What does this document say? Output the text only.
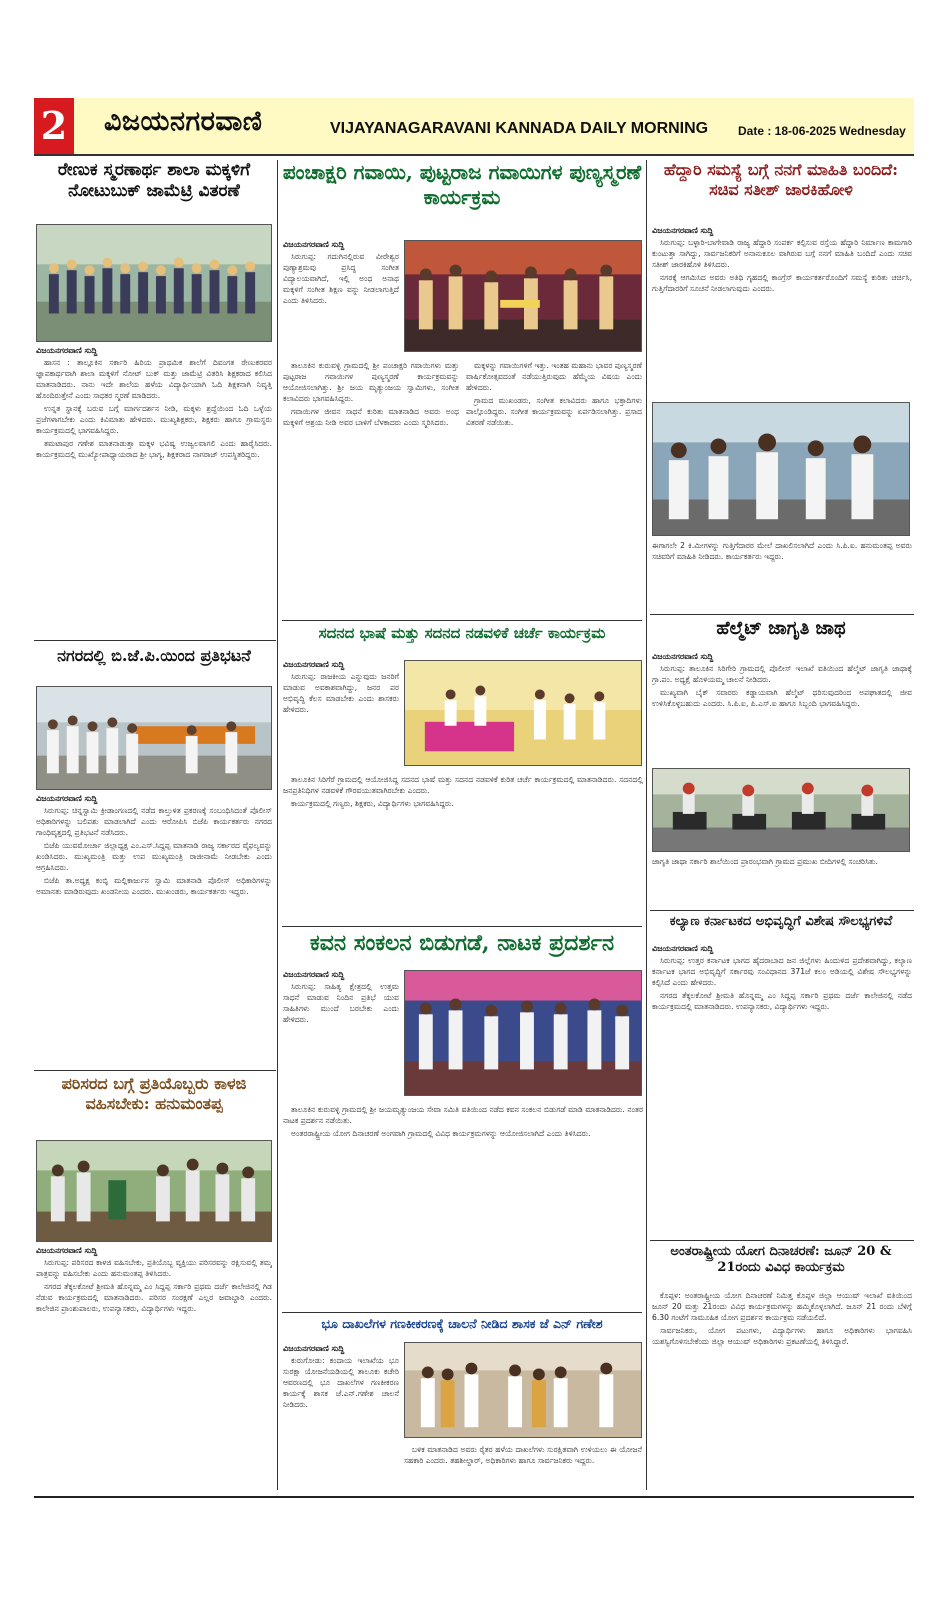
2 ವಿಜಯನಗರವಾಣಿ	VIJAYANAGARAVANI KANNADA DAILY MORNING Date : 18-06-2025 Wednesday
ರೇಣುಕ ಸ್ಮರಣಾರ್ಥ ಶಾಲಾ ಮಕ್ಕಳಿಗೆ ನೋಟುಬುಕ್ ಜಾಮೆಟ್ರಿ ವಿತರಣೆ
ವಿಜಯನಗರವಾಣಿ ಸುದ್ದಿ

ಹಾಸನ : ತಾಲ್ಲೂಕಿನ ಸರ್ಕಾರಿ ಹಿರಿಯ ಪ್ರಾಥಮಿಕ ಶಾಲೆಗೆ ದಿವಂಗತ ರೇಣುಕರವರ ಜ್ಞಾಪಕಾರ್ಥವಾಗಿ ಶಾಲಾ ಮಕ್ಕಳಿಗೆ ನೋಟ್ ಬುಕ್ ಮತ್ತು ಜಾಮೆಟ್ರಿ ವಿತರಿಸಿ ಶಿಕ್ಷಕರಾದ ಕಲಿಸಿದ ಮಾತನಾಡಿದರು. ನಾನು ಇದೇ ಶಾಲೆಯ ಹಳೆಯ ವಿದ್ಯಾರ್ಥಿಯಾಗಿ ಓದಿ ಶಿಕ್ಷಕನಾಗಿ ನಿವೃತ್ತಿ ಹೊಂದಿರುತ್ತೇನೆ ಎಂದು ಸಾಧಕರ ಸ್ಮರಣೆ ಮಾಡಿದರು.

ಉನ್ನತ ಸ್ಥಾನಕ್ಕೆ ಬರುವ ಬಗ್ಗೆ ಮಾರ್ಗದರ್ಶನ ನೀಡಿ, ಮಕ್ಕಳು ಶ್ರದ್ಧೆಯಿಂದ ಓದಿ ಒಳ್ಳೆಯ ಪ್ರಜೆಗಳಾಗಬೇಕು ಎಂದು ಕಿವಿಮಾತು ಹೇಳಿದರು. ಮುಖ್ಯಶಿಕ್ಷಕರು, ಶಿಕ್ಷಕರು ಹಾಗೂ ಗ್ರಾಮಸ್ಥರು ಕಾರ್ಯಕ್ರಮದಲ್ಲಿ ಭಾಗವಹಿಸಿದ್ದರು.

ತಮಟಾಪುರ ಗಣೇಶ ಮಾತನಾಡುತ್ತಾ ಮಕ್ಕಳ ಭವಿಷ್ಯ ಉಜ್ವಲವಾಗಲಿ ಎಂದು ಹಾರೈಸಿದರು. ಕಾರ್ಯಕ್ರಮದಲ್ಲಿ ಮುಖ್ಯೋಪಾಧ್ಯಾಯರಾದ ಶ್ರೀ ಭಾಗ್ಯ, ಶಿಕ್ಷಕರಾದ ನಾಗರಾಜ್ ಉಪಸ್ಥಿತರಿದ್ದರು.

ನಗರದಲ್ಲಿ ಬಿ.ಜೆ.ಪಿ.ಯಿಂದ ಪ್ರತಿಭಟನೆ
ವಿಜಯನಗರವಾಣಿ ಸುದ್ದಿ

ಸಿರುಗುಪ್ಪ: ಚಿನ್ನಸ್ವಾಮಿ ಕ್ರೀಡಾಂಗಣದಲ್ಲಿ ನಡೆದ ಕಾಲ್ತುಳಿತ ಪ್ರಕರಣಕ್ಕೆ ಸಂಬಂಧಿಸಿದಂತೆ ಪೊಲೀಸ್ ಅಧಿಕಾರಿಗಳನ್ನು ಬಲಿಪಶು ಮಾಡಲಾಗಿದೆ ಎಂದು ಆರೋಪಿಸಿ ಬಿಜೆಪಿ ಕಾರ್ಯಕರ್ತರು ನಗರದ ಗಾಂಧಿವೃತ್ತದಲ್ಲಿ ಪ್ರತಿಭಟನೆ ನಡೆಸಿದರು.

ಬಿಜೆಪಿ ಯುವಮೋರ್ಚಾ ಜಿಲ್ಲಾಧ್ಯಕ್ಷ ಎಂ.ಎಸ್.ಸಿದ್ದಪ್ಪ ಮಾತನಾಡಿ ರಾಜ್ಯ ಸರ್ಕಾರದ ವೈಫಲ್ಯವನ್ನು ಖಂಡಿಸಿದರು. ಮುಖ್ಯಮಂತ್ರಿ ಮತ್ತು ಉಪ ಮುಖ್ಯಮಂತ್ರಿ ರಾಜೀನಾಮೆ ನೀಡಬೇಕು ಎಂದು ಆಗ್ರಹಿಸಿದರು.

ಬಿಜೆಪಿ ತಾ.ಅಧ್ಯಕ್ಷ ಕಂಬ್ಳಿ ಮಲ್ಲಿಕಾರ್ಜುನ ಸ್ವಾಮಿ ಮಾತನಾಡಿ ಪೊಲೀಸ್ ಅಧಿಕಾರಿಗಳನ್ನು ಅಮಾನತು ಮಾಡಿರುವುದು ಖಂಡನೀಯ ಎಂದರು. ಮುಖಂಡರು, ಕಾರ್ಯಕರ್ತರು ಇದ್ದರು.

ಪರಿಸರದ ಬಗ್ಗೆ ಪ್ರತಿಯೊಬ್ಬರು ಕಾಳಜಿ ವಹಿಸಬೇಕು: ಹನುಮಂತಪ್ಪ
ವಿಜಯನಗರವಾಣಿ ಸುದ್ದಿ

ಸಿರುಗುಪ್ಪ: ಪರಿಸರದ ಕಾಳಜಿ ವಹಿಸಬೇಕು, ಪ್ರತಿಯೊಬ್ಬ ವ್ಯಕ್ತಿಯು ಪರಿಸರವನ್ನು ರಕ್ಷಿಸುವಲ್ಲಿ ತಮ್ಮ ಪಾತ್ರವನ್ನು ವಹಿಸಬೇಕು ಎಂದು ಹನುಮಂತಪ್ಪ ತಿಳಿಸಿದರು.

ನಗರದ ತೆಕ್ಕಲಕೋಟೆ ಶ್ರೀಮತಿ ಹೊನ್ನಮ್ಮ ಎಂ ಸಿದ್ದಪ್ಪ ಸರ್ಕಾರಿ ಪ್ರಥಮ ದರ್ಜೆ ಕಾಲೇಜಿನಲ್ಲಿ ಗಿಡ ನೆಡುವ ಕಾರ್ಯಕ್ರಮದಲ್ಲಿ ಮಾತನಾಡಿದರು. ಪರಿಸರ ಸಂರಕ್ಷಣೆ ಎಲ್ಲರ ಜವಾಬ್ದಾರಿ ಎಂದರು. ಕಾಲೇಜಿನ ಪ್ರಾಂಶುಪಾಲರು, ಉಪನ್ಯಾಸಕರು, ವಿದ್ಯಾರ್ಥಿಗಳು ಇದ್ದರು.

ಪಂಚಾಕ್ಷರಿ ಗವಾಯಿ, ಪುಟ್ಟರಾಜ ಗವಾಯಿಗಳ ಪುಣ್ಯಸ್ಮರಣೆ ಕಾರ್ಯಕ್ರಮ
ವಿಜಯನಗರವಾಣಿ ಸುದ್ದಿ

ಸಿರುಗುಪ್ಪ: ಗದುಗಿನಲ್ಲಿರುವ ವೀರೇಶ್ವರ ಪುಣ್ಯಾಶ್ರಮವು ಪ್ರಸಿದ್ಧ ಸಂಗೀತ ವಿದ್ಯಾಲಯವಾಗಿದೆ, ಇಲ್ಲಿ ಅಂಧ ಅನಾಥ ಮಕ್ಕಳಿಗೆ ಸಂಗೀತ ಶಿಕ್ಷಣ ವನ್ನು ನೀಡಲಾಗುತ್ತಿದೆ ಎಂದು ತಿಳಿಸಿದರು.

ತಾಲೂಕಿನ ಕುರುವಳ್ಳಿ ಗ್ರಾಮದಲ್ಲಿ ಶ್ರೀ ಪಂಚಾಕ್ಷರಿ ಗವಾಯಿಗಳು ಮತ್ತು ಪುಟ್ಟರಾಜ ಗವಾಯಿಗಳ ಪುಣ್ಯಸ್ಮರಣೆ ಕಾರ್ಯಕ್ರಮವನ್ನು ಆಯೋಜಿಸಲಾಗಿತ್ತು. ಶ್ರೀ ಜಯ ಮೃತ್ಯುಂಜಯ ಸ್ವಾಮಿಗಳು, ಸಂಗೀತ ಕಲಾವಿದರು ಭಾಗವಹಿಸಿದ್ದರು.

ಗವಾಯಿಗಳ ಜೀವನ ಸಾಧನೆ ಕುರಿತು ಮಾತನಾಡಿದ ಅವರು ಅಂಧ ಮಕ್ಕಳಿಗೆ ಆಶ್ರಯ ನೀಡಿ ಅವರ ಬಾಳಿಗೆ ಬೆಳಕಾದರು ಎಂದು ಸ್ಮರಿಸಿದರು.

ಮಕ್ಕಳನ್ನು ಗವಾಯಿಗಳಿಗೆ ಇತ್ತು. ಇಂತಹ ಮಹಾನು ಭಾವರ ಪುಣ್ಯಸ್ಮರಣೆ ವಾರ್ಷಿಕೋತ್ಸವದಂತೆ ನಡೆಯುತ್ತಿರುವುದು ಹೆಮ್ಮೆಯ ವಿಷಯ ಎಂದು ಹೇಳಿದರು.

ಗ್ರಾಮದ ಮುಖಂಡರು, ಸಂಗೀತ ಕಲಾವಿದರು ಹಾಗೂ ಭಕ್ತಾದಿಗಳು ಪಾಲ್ಗೊಂಡಿದ್ದರು. ಸಂಗೀತ ಕಾರ್ಯಕ್ರಮವನ್ನು ಏರ್ಪಡಿಸಲಾಗಿತ್ತು. ಪ್ರಸಾದ ವಿತರಣೆ ನಡೆಯಿತು.

ಸದನದ ಭಾಷೆ ಮತ್ತು ಸದನದ ನಡವಳಿಕೆ ಚರ್ಚೆ ಕಾರ್ಯಕ್ರಮ
ವಿಜಯನಗರವಾಣಿ ಸುದ್ದಿ

ಸಿರುಗುಪ್ಪ: ರಾಜಕೀಯ ಎನ್ನುವುದು ಜನರಿಗೆ ಮಾಡುವ ಅವಕಾಶವಾಗಿದ್ದು, ಜನರ ಪರ ಅಭಿವೃದ್ಧಿ ಕೆಲಸ ಮಾಡಬೇಕು ಎಂದು ಶಾಸಕರು ಹೇಳಿದರು.

ತಾಲೂಕಿನ ಸಿರಿಗೆರೆ ಗ್ರಾಮದಲ್ಲಿ ಆಯೋಜಿಸಿದ್ದ ಸದನದ ಭಾಷೆ ಮತ್ತು ಸದನದ ನಡವಳಿಕೆ ಕುರಿತ ಚರ್ಚೆ ಕಾರ್ಯಕ್ರಮದಲ್ಲಿ ಮಾತನಾಡಿದರು. ಸದನದಲ್ಲಿ ಜನಪ್ರತಿನಿಧಿಗಳ ನಡವಳಿಕೆ ಗೌರವಯುತವಾಗಿರಬೇಕು ಎಂದರು.

ಕಾರ್ಯಕ್ರಮದಲ್ಲಿ ಗಣ್ಯರು, ಶಿಕ್ಷಕರು, ವಿದ್ಯಾರ್ಥಿಗಳು ಭಾಗವಹಿಸಿದ್ದರು.

ಕವನ ಸಂಕಲನ ಬಿಡುಗಡೆ, ನಾಟಕ ಪ್ರದರ್ಶನ
ವಿಜಯನಗರವಾಣಿ ಸುದ್ದಿ

ಸಿರುಗುಪ್ಪ: ಸಾಹಿತ್ಯ ಕ್ಷೇತ್ರದಲ್ಲಿ ಉತ್ತಮ ಸಾಧನೆ ಮಾಡುವ ನಿಂದಿನ ಪ್ರತಿಭೆ ಯುವ ಸಾಹಿತಿಗಳು ಮುಂದೆ ಬರಬೇಕು ಎಂದು ಹೇಳಿದರು.

ತಾಲೂಕಿನ ಕುರುವಳ್ಳಿ ಗ್ರಾಮದಲ್ಲಿ ಶ್ರೀ ಜಯಮೃತ್ಯುಂಜಯ ಸೇವಾ ಸಮಿತಿ ವತಿಯಿಂದ ನಡೆದ ಕವನ ಸಂಕಲನ ಬಿಡುಗಡೆ ಮಾಡಿ ಮಾತನಾಡಿದರು. ನಂತರ ನಾಟಕ ಪ್ರದರ್ಶನ ನಡೆಯಿತು.

ಅಂತರರಾಷ್ಟ್ರೀಯ ಯೋಗ ದಿನಾಚರಣೆ ಅಂಗವಾಗಿ ಗ್ರಾಮದಲ್ಲಿ ವಿವಿಧ ಕಾರ್ಯಕ್ರಮಗಳನ್ನು ಆಯೋಜಿಸಲಾಗಿದೆ ಎಂದು ತಿಳಿಸಿದರು.

ಭೂ ದಾಖಲೆಗಳ ಗಣಕೀಕರಣಕ್ಕೆ ಚಾಲನೆ ನೀಡಿದ ಶಾಸಕ ಜೆ ಎನ್ ಗಣೇಶ
ವಿಜಯನಗರವಾಣಿ ಸುದ್ದಿ

ಕುರುಗೋಡು: ಕಂದಾಯ ಇಲಾಖೆಯ ಭೂ ಸುರಕ್ಷಾ ಯೋಜನೆಯಡಿಯಲ್ಲಿ ತಾಲೂಕು ಕಚೇರಿ ಆವರಣದಲ್ಲಿ ಭೂ ದಾಖಲೆಗಳ ಗಣಕೀಕರಣ ಕಾರ್ಯಕ್ಕೆ ಶಾಸಕ ಜೆ.ಎನ್.ಗಣೇಶ ಚಾಲನೆ ನೀಡಿದರು.

ಬಳಿಕ ಮಾತನಾಡಿದ ಅವರು ರೈತರ ಹಳೆಯ ದಾಖಲೆಗಳು ಸುರಕ್ಷಿತವಾಗಿ ಉಳಿಯಲು ಈ ಯೋಜನೆ ಸಹಕಾರಿ ಎಂದರು. ತಹಶೀಲ್ದಾರ್, ಅಧಿಕಾರಿಗಳು ಹಾಗೂ ಸಾರ್ವಜನಿಕರು ಇದ್ದರು.

ಹೆದ್ದಾರಿ ಸಮಸ್ಯೆ ಬಗ್ಗೆ ನನಗೆ ಮಾಹಿತಿ ಬಂದಿದೆ: ಸಚಿವ ಸತೀಶ್ ಜಾರಕಿಹೋಳಿ
ವಿಜಯನಗರವಾಣಿ ಸುದ್ದಿ

ಸಿರುಗುಪ್ಪ: ಬಳ್ಳಾರಿ-ಬಾಗೇವಾಡಿ ರಾಜ್ಯ ಹೆದ್ದಾರಿ ಸಂಪರ್ಕ ಕಲ್ಪಿಸುವ ರಸ್ತೆಯ ಹೆದ್ದಾರಿ ನಿರ್ಮಾಣ ಕಾಮಗಾರಿ ಕುಂಟುತ್ತಾ ಸಾಗಿದ್ದು, ಸಾರ್ವಜನಿಕರಿಗೆ ಅನಾನುಕೂಲ ವಾಗಿರುವ ಬಗ್ಗೆ ನನಗೆ ಮಾಹಿತಿ ಬಂದಿದೆ ಎಂದು ಸಚಿವ ಸತೀಶ್ ಜಾರಕಿಹೊಳಿ ತಿಳಿಸಿದರು.

ನಗರಕ್ಕೆ ಆಗಮಿಸಿದ ಅವರು ಅತಿಥಿ ಗೃಹದಲ್ಲಿ ಕಾಂಗ್ರೆಸ್ ಕಾರ್ಯಕರ್ತರೊಂದಿಗೆ ಸಮಸ್ಯೆ ಕುರಿತು ಚರ್ಚಿಸಿ, ಗುತ್ತಿಗೆದಾರರಿಗೆ ಸೂಚನೆ ನೀಡಲಾಗುವುದು ಎಂದರು.

ಈಗಾಗಲೇ 2 ಕಿ.ಮೀಗಳನ್ನು ಗುತ್ತಿಗೆದಾರರ ಮೇಲೆ ದಾಖಲಿಸಲಾಗಿದೆ ಎಂದು ಸಿ.ಪಿ.ಐ. ಹನುಮಂತಪ್ಪ ಅವರು ಸಚಿವರಿಗೆ ಮಾಹಿತಿ ನೀಡಿದರು. ಕಾರ್ಯಕರ್ತರು ಇದ್ದರು.
ಹೆಲ್ಮೆಟ್ ಜಾಗೃತಿ ಜಾಥ
ವಿಜಯನಗರವಾಣಿ ಸುದ್ದಿ

ಸಿರುಗುಪ್ಪ: ತಾಲೂಕಿನ ಸಿರಿಗೇರಿ ಗ್ರಾಮದಲ್ಲಿ ಪೊಲೀಸ್ ಇಲಾಖೆ ವತಿಯಿಂದ ಹೆಲ್ಮೆಟ್ ಜಾಗೃತಿ ಜಾಥಾಕ್ಕೆ ಗ್ರಾ.ಪಂ. ಅಧ್ಯಕ್ಷೆ ಹೊಳಿಯಮ್ಮ ಚಾಲನೆ ನೀಡಿದರು.

ಮುಖ್ಯವಾಗಿ ಬೈಕ್ ಸವಾರರು ಕಡ್ಡಾಯವಾಗಿ ಹೆಲ್ಮೆಟ್ ಧರಿಸುವುದರಿಂದ ಅಪಘಾತದಲ್ಲಿ ಜೀವ ಉಳಿಸಿಕೊಳ್ಳಬಹುದು ಎಂದರು. ಸಿ.ಪಿ.ಐ, ಪಿ.ಎಸ್.ಐ ಹಾಗೂ ಸಿಬ್ಬಂದಿ ಭಾಗವಹಿಸಿದ್ದರು.

ಜಾಗೃತಿ ಜಾಥಾ ಸರ್ಕಾರಿ ಶಾಲೆಯಿಂದ ಪ್ರಾರಂಭವಾಗಿ ಗ್ರಾಮದ ಪ್ರಮುಖ ಬೀದಿಗಳಲ್ಲಿ ಸಂಚರಿಸಿತು.
ಕಲ್ಯಾಣ ಕರ್ನಾಟಕದ ಅಭಿವೃದ್ಧಿಗೆ ವಿಶೇಷ ಸೌಲಭ್ಯಗಳಿವೆ
ವಿಜಯನಗರವಾಣಿ ಸುದ್ದಿ

ಸಿರುಗುಪ್ಪ: ಉತ್ತರ ಕರ್ನಾಟಕ ಭಾಗದ ಹೈದರಾಬಾದ ಜನ ಜಿಲ್ಲೆಗಳು ಹಿಂದುಳಿದ ಪ್ರದೇಶವಾಗಿದ್ದು, ಕಲ್ಯಾಣ ಕರ್ನಾಟಕ ಭಾಗದ ಅಭಿವೃದ್ಧಿಗೆ ಸರ್ಕಾರವು ಸಂವಿಧಾನದ 371ಜೆ ಕಲಂ ಅಡಿಯಲ್ಲಿ ವಿಶೇಷ ಸೌಲಭ್ಯಗಳನ್ನು ಕಲ್ಪಿಸಿದೆ ಎಂದು ಹೇಳಿದರು.

ನಗರದ ತೆಕ್ಕಲಕೋಟೆ ಶ್ರೀಮತಿ ಹೊನ್ನಮ್ಮ ಎಂ ಸಿದ್ದಪ್ಪ ಸರ್ಕಾರಿ ಪ್ರಥಮ ದರ್ಜೆ ಕಾಲೇಜಿನಲ್ಲಿ ನಡೆದ ಕಾರ್ಯಕ್ರಮದಲ್ಲಿ ಮಾತನಾಡಿದರು. ಉಪನ್ಯಾಸಕರು, ವಿದ್ಯಾರ್ಥಿಗಳು ಇದ್ದರು.

ಅಂತರಾಷ್ಟ್ರೀಯ ಯೋಗ ದಿನಾಚರಣೆ: ಜೂನ್ 20 & 21ರಂದು ವಿವಿಧ ಕಾರ್ಯಕ್ರಮ

ಕೊಪ್ಪಳ: ಅಂತರಾಷ್ಟ್ರೀಯ ಯೋಗ ದಿನಾಚರಣೆ ನಿಮಿತ್ತ ಕೊಪ್ಪಳ ಜಿಲ್ಲಾ ಆಯುಷ್ ಇಲಾಖೆ ವತಿಯಿಂದ ಜೂನ್ 20 ಮತ್ತು 21ರಂದು ವಿವಿಧ ಕಾರ್ಯಕ್ರಮಗಳನ್ನು ಹಮ್ಮಿಕೊಳ್ಳಲಾಗಿದೆ. ಜೂನ್ 21 ರಂದು ಬೆಳಿಗ್ಗೆ 6.30 ಗಂಟೆಗೆ ಸಾಮೂಹಿಕ ಯೋಗ ಪ್ರದರ್ಶನ ಕಾರ್ಯಕ್ರಮ ನಡೆಯಲಿದೆ.

ಸಾರ್ವಜನಿಕರು, ಯೋಗ ಪಟುಗಳು, ವಿದ್ಯಾರ್ಥಿಗಳು ಹಾಗೂ ಅಧಿಕಾರಿಗಳು ಭಾಗವಹಿಸಿ ಯಶಸ್ವಿಗೊಳಿಸಬೇಕೆಂದು ಜಿಲ್ಲಾ ಆಯುಷ್ ಅಧಿಕಾರಿಗಳು ಪ್ರಕಟಣೆಯಲ್ಲಿ ತಿಳಿಸಿದ್ದಾರೆ.
